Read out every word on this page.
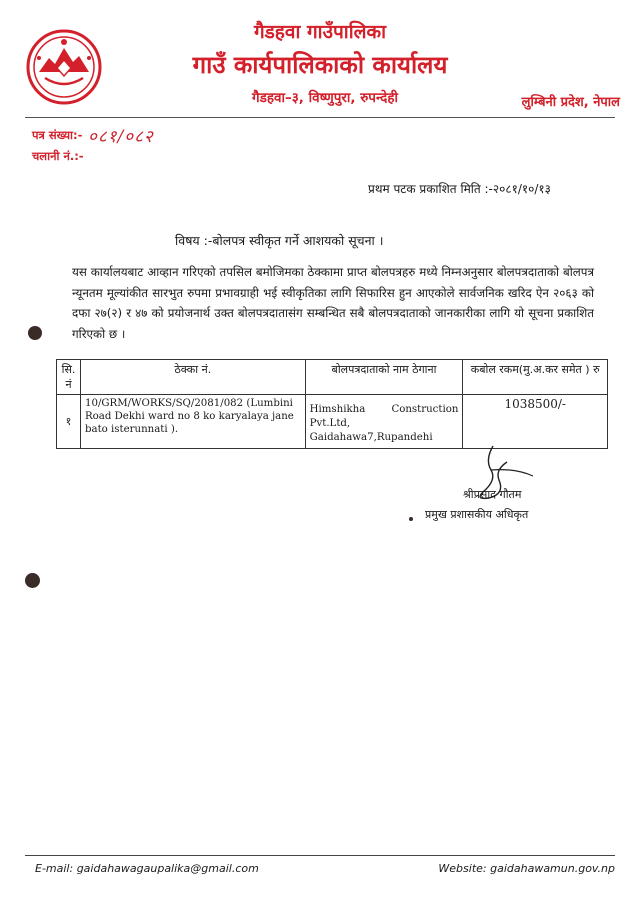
गैडहवा गाउँपालिका
गाउँ कार्यपालिकाको कार्यालय
गैडहवा–३, विष्णुपुरा, रुपन्देही	लुम्बिनी प्रदेश, नेपाल
पत्र संख्या:- ०८१/०८२
चलानी नं.:-
प्रथम पटक प्रकाशित मिति :-२०८१/१०/१३
विषय :-बोलपत्र स्वीकृत गर्ने आशयको सूचना ।
यस कार्यालयबाट आव्हान गरिएको तपसिल बमोजिमका ठेक्कामा प्राप्त बोलपत्रहरु मध्ये निम्नअनुसार बोलपत्रदाताको बोलपत्र न्यूनतम मूल्यांकीत सारभुत रुपमा प्रभावग्राही भई स्वीकृतिका लागि सिफारिस हुन आएकोले सार्वजनिक खरिद ऐन २०६३ को दफा २७(२) र ४७ को प्रयोजनार्थ उक्त बोलपत्रदातासंग सम्बन्धित सबै बोलपत्रदाताको जानकारीका लागि यो सूचना प्रकाशित गरिएको छ ।
सि. नं	ठेक्का नं.	बोलपत्रदाताको नाम ठेगाना	कबोल रकम(मु.अ.कर समेत ) रु
१	10/GRM/WORKS/SQ/2081/082 (Lumbini Road Dekhi ward no 8 ko karyalaya jane bato isterunnati ).	Himshikha Construction
Pvt.Ltd,
Gaidahawa7,Rupandehi	1038500/-
श्रीप्रसाद गौतम
प्रमुख प्रशासकीय अधिकृत
E-mail: gaidahawagaupalika@gmail.com	Website: gaidahawamun.gov.np
